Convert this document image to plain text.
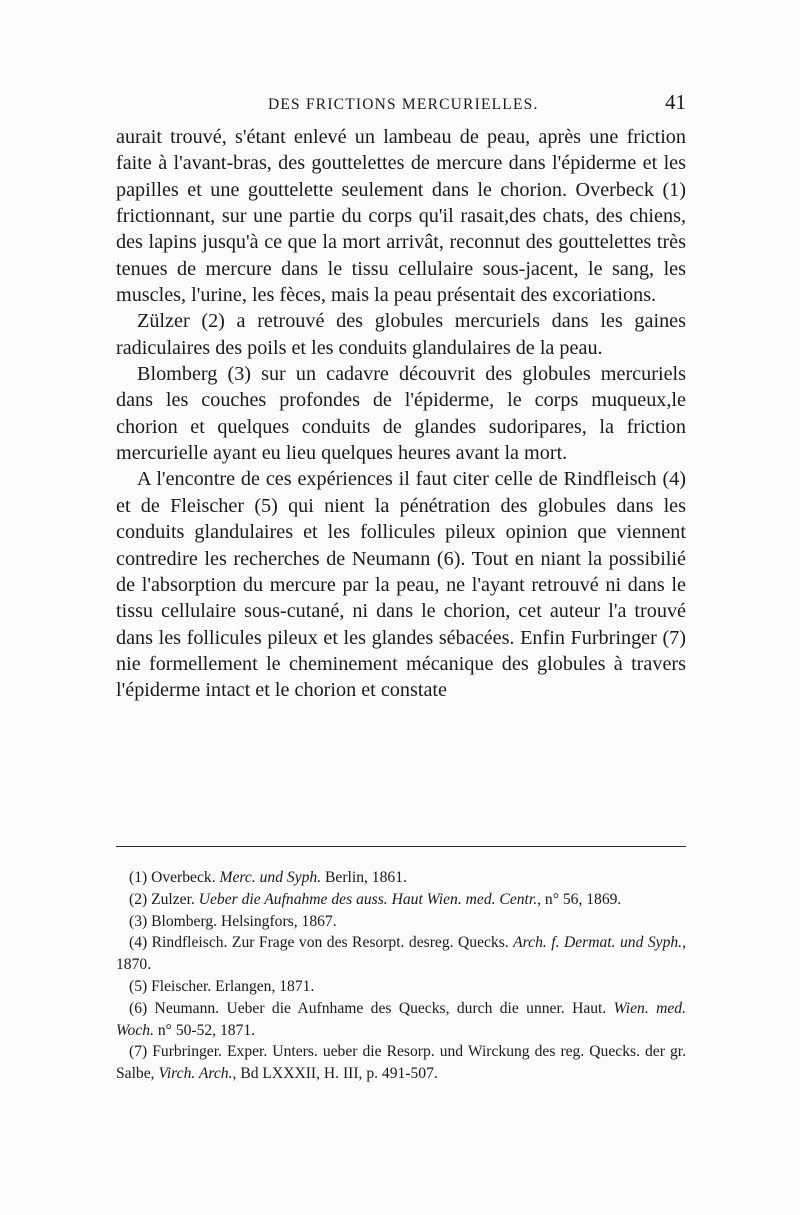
DES FRICTIONS MERCURIELLES.	41

aurait trouvé, s'étant enlevé un lambeau de peau, après une friction faite à l'avant-bras, des gouttelettes de mercure dans l'épiderme et les papilles et une gouttelette seulement dans le chorion. Overbeck (1) frictionnant, sur une partie du corps qu'il rasait,des chats, des chiens, des lapins jusqu'à ce que la mort arrivât, reconnut des gouttelettes très tenues de mercure dans le tissu cellulaire sous-jacent, le sang, les muscles, l'urine, les fèces, mais la peau présentait des excoriations.

Zülzer (2) a retrouvé des globules mercuriels dans les gaines radiculaires des poils et les conduits glandulaires de la peau.

Blomberg (3) sur un cadavre découvrit des globules mercuriels dans les couches profondes de l'épiderme, le corps muqueux,le chorion et quelques conduits de glandes sudoripares, la friction mercurielle ayant eu lieu quelques heures avant la mort.

A l'encontre de ces expériences il faut citer celle de Rindfleisch (4) et de Fleischer (5) qui nient la pénétration des globules dans les conduits glandulaires et les follicules pileux opinion que viennent contredire les recherches de Neumann (6). Tout en niant la possibilié de l'absorption du mercure par la peau, ne l'ayant retrouvé ni dans le tissu cellulaire sous-cutané, ni dans le chorion, cet auteur l'a trouvé dans les follicules pileux et les glandes sébacées. Enfin Furbringer (7) nie formellement le cheminement mécanique des globules à travers l'épiderme intact et le chorion et constate

(1) Overbeck. Merc. und Syph. Berlin, 1861.

(2) Zulzer. Ueber die Aufnahme des auss. Haut Wien. med. Centr., n° 56, 1869.

(3) Blomberg. Helsingfors, 1867.

(4) Rindfleisch. Zur Frage von des Resorpt. desreg. Quecks. Arch. f. Dermat. und Syph., 1870.

(5) Fleischer. Erlangen, 1871.

(6) Neumann. Ueber die Aufnhame des Quecks, durch die unner. Haut. Wien. med. Woch. n° 50-52, 1871.

(7) Furbringer. Exper. Unters. ueber die Resorp. und Wirckung des reg. Quecks. der gr. Salbe, Virch. Arch., Bd LXXXII, H. III, p. 491-507.
